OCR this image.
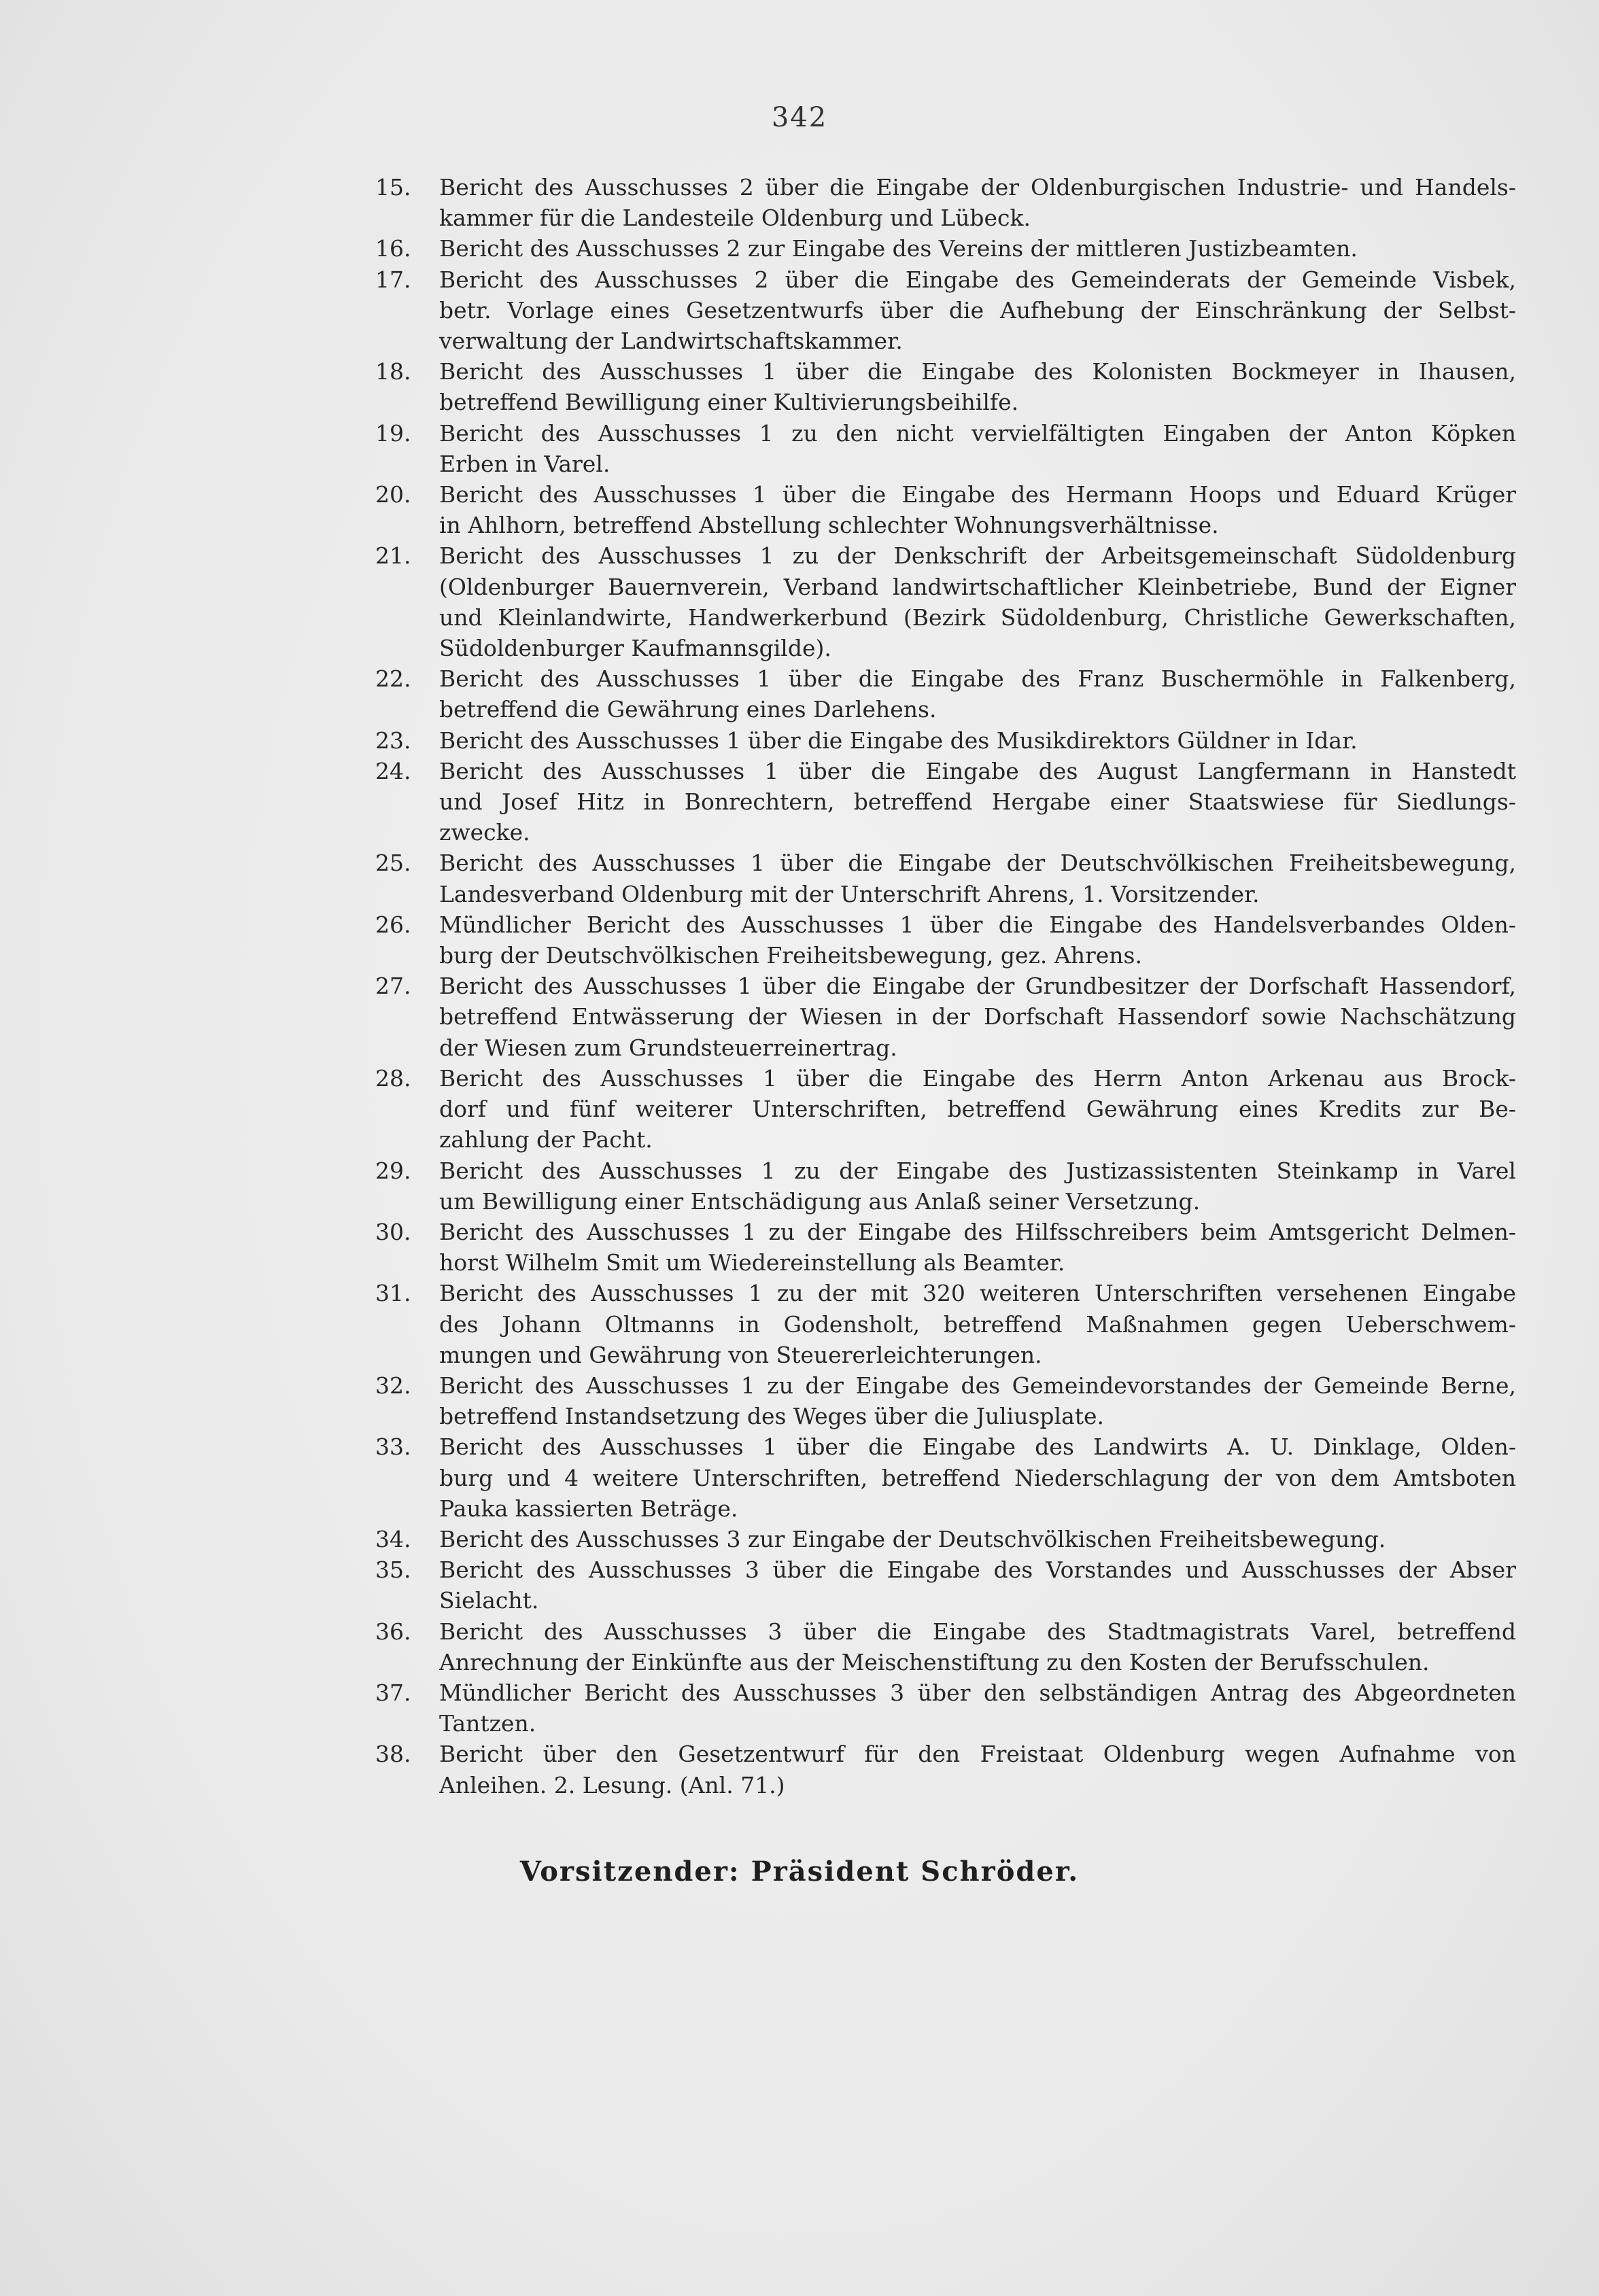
342
15.	Bericht des Ausschusses 2 über die Eingabe der Oldenburgischen Industrie- und Handels-
kammer für die Landesteile Oldenburg und Lübeck.
16.	Bericht des Ausschusses 2 zur Eingabe des Vereins der mittleren Justizbeamten.
17.	Bericht des Ausschusses 2 über die Eingabe des Gemeinderats der Gemeinde Visbek,
betr. Vorlage eines Gesetzentwurfs über die Aufhebung der Einschränkung der Selbst-
verwaltung der Landwirtschaftskammer.
18.	Bericht des Ausschusses 1 über die Eingabe des Kolonisten Bockmeyer in Ihausen,
betreffend Bewilligung einer Kultivierungsbeihilfe.
19.	Bericht des Ausschusses 1 zu den nicht vervielfältigten Eingaben der Anton Köpken
Erben in Varel.
20.	Bericht des Ausschusses 1 über die Eingabe des Hermann Hoops und Eduard Krüger
in Ahlhorn, betreffend Abstellung schlechter Wohnungsverhältnisse.
21.	Bericht des Ausschusses 1 zu der Denkschrift der Arbeitsgemeinschaft Südoldenburg
(Oldenburger Bauernverein, Verband landwirtschaftlicher Kleinbetriebe, Bund der Eigner
und Kleinlandwirte, Handwerkerbund (Bezirk Südoldenburg, Christliche Gewerkschaften,
Südoldenburger Kaufmannsgilde).
22.	Bericht des Ausschusses 1 über die Eingabe des Franz Buschermöhle in Falkenberg,
betreffend die Gewährung eines Darlehens.
23.	Bericht des Ausschusses 1 über die Eingabe des Musikdirektors Güldner in Idar.
24.	Bericht des Ausschusses 1 über die Eingabe des August Langfermann in Hanstedt
und Josef Hitz in Bonrechtern, betreffend Hergabe einer Staatswiese für Siedlungs-
zwecke.
25.	Bericht des Ausschusses 1 über die Eingabe der Deutschvölkischen Freiheitsbewegung,
Landesverband Oldenburg mit der Unterschrift Ahrens, 1. Vorsitzender.
26.	Mündlicher Bericht des Ausschusses 1 über die Eingabe des Handelsverbandes Olden-
burg der Deutschvölkischen Freiheitsbewegung, gez. Ahrens.
27.	Bericht des Ausschusses 1 über die Eingabe der Grundbesitzer der Dorfschaft Hassendorf,
betreffend Entwässerung der Wiesen in der Dorfschaft Hassendorf sowie Nachschätzung
der Wiesen zum Grundsteuerreinertrag.
28.	Bericht des Ausschusses 1 über die Eingabe des Herrn Anton Arkenau aus Brock-
dorf und fünf weiterer Unterschriften, betreffend Gewährung eines Kredits zur Be-
zahlung der Pacht.
29.	Bericht des Ausschusses 1 zu der Eingabe des Justizassistenten Steinkamp in Varel
um Bewilligung einer Entschädigung aus Anlaß seiner Versetzung.
30.	Bericht des Ausschusses 1 zu der Eingabe des Hilfsschreibers beim Amtsgericht Delmen-
horst Wilhelm Smit um Wiedereinstellung als Beamter.
31.	Bericht des Ausschusses 1 zu der mit 320 weiteren Unterschriften versehenen Eingabe
des Johann Oltmanns in Godensholt, betreffend Maßnahmen gegen Ueberschwem-
mungen und Gewährung von Steuererleichterungen.
32.	Bericht des Ausschusses 1 zu der Eingabe des Gemeindevorstandes der Gemeinde Berne,
betreffend Instandsetzung des Weges über die Juliusplate.
33.	Bericht des Ausschusses 1 über die Eingabe des Landwirts A. U. Dinklage, Olden-
burg und 4 weitere Unterschriften, betreffend Niederschlagung der von dem Amtsboten
Pauka kassierten Beträge.
34.	Bericht des Ausschusses 3 zur Eingabe der Deutschvölkischen Freiheitsbewegung.
35.	Bericht des Ausschusses 3 über die Eingabe des Vorstandes und Ausschusses der Abser
Sielacht.
36.	Bericht des Ausschusses 3 über die Eingabe des Stadtmagistrats Varel, betreffend
Anrechnung der Einkünfte aus der Meischenstiftung zu den Kosten der Berufsschulen.
37.	Mündlicher Bericht des Ausschusses 3 über den selbständigen Antrag des Abgeordneten
Tantzen.
38.	Bericht über den Gesetzentwurf für den Freistaat Oldenburg wegen Aufnahme von
Anleihen. 2. Lesung. (Anl. 71.)
Vorsitzender: Präsident Schröder.
